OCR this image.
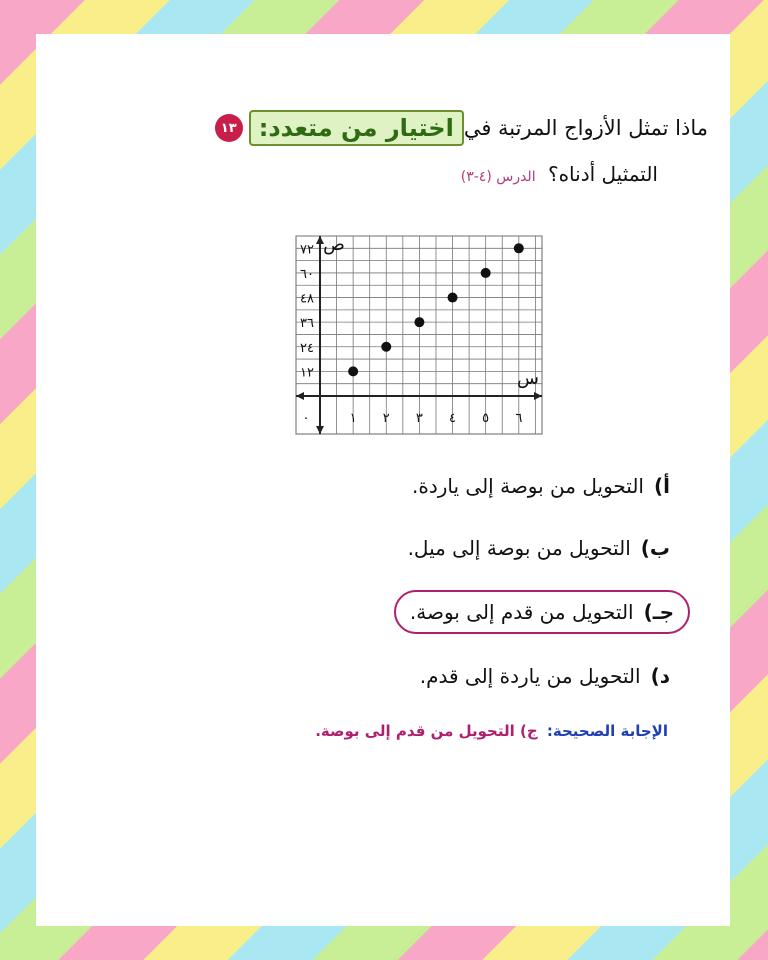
١٣ اختيار من متعدد: ماذا تمثل الأزواج المرتبة في
التمثيل أدناه؟ الدرس (٤-٣)
١٢
٢٤
٣٦
٤٨
٦٠
٧٢
١ ٢ ٣ ٤ ٥ ٦
٠
س
ص
أ)
التحويل من بوصة إلى ياردة.
ب)
التحويل من بوصة إلى ميل.
جـ)
التحويل من قدم إلى بوصة.
د)
التحويل من ياردة إلى قدم.
الإجابة الصحيحة: ج) التحويل من قدم إلى بوصة.
